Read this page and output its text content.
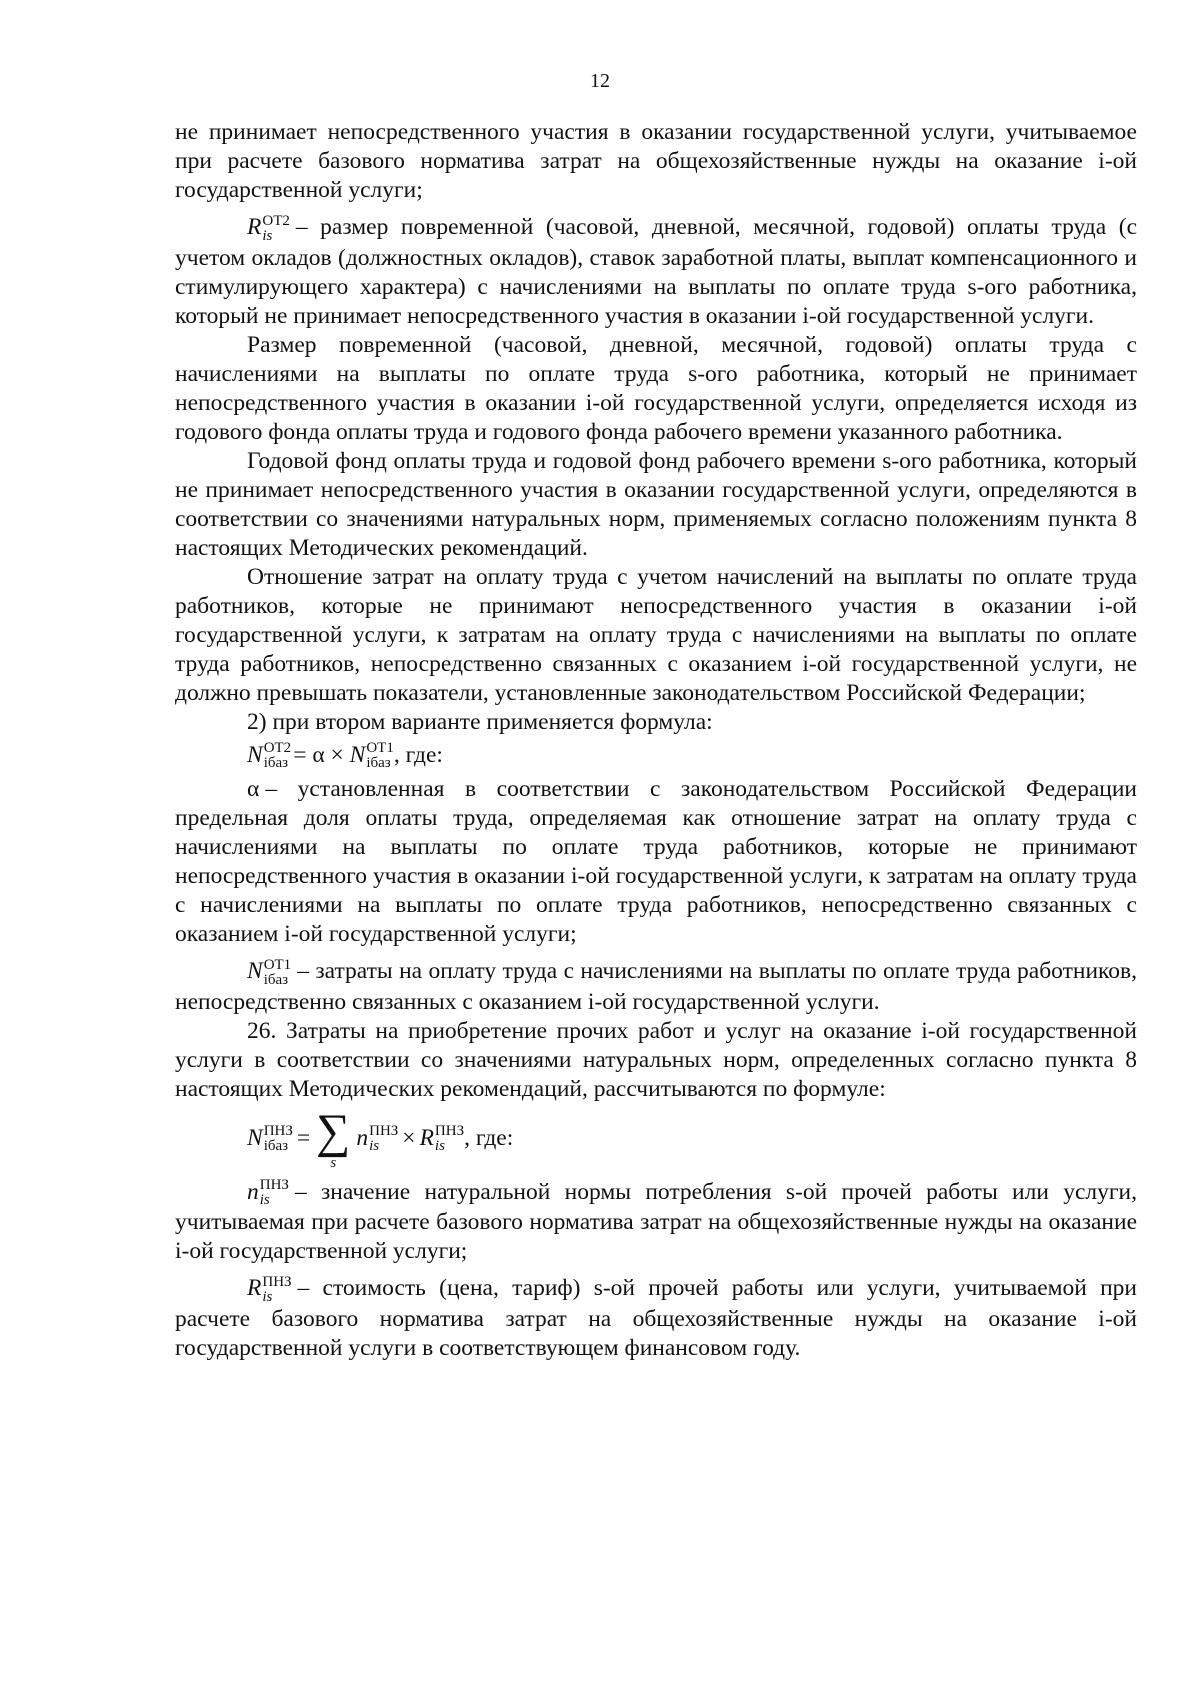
12

не принимает непосредственного участия в оказании государственной услуги, учитываемое при расчете базового норматива затрат на общехозяйственные нужды на оказание i-ой государственной услуги;

R ОТ2
is – размер повременной (часовой, дневной, месячной, годовой) оплаты труда (с учетом окладов (должностных окладов), ставок заработной платы, выплат компенсационного и стимулирующего характера) с начислениями на выплаты по оплате труда s-ого работника, который не принимает непосредственного участия в оказании i-ой государственной услуги.

Размер повременной (часовой, дневной, месячной, годовой) оплаты труда с начислениями на выплаты по оплате труда s-ого работника, который не принимает непосредственного участия в оказании i-ой государственной услуги, определяется исходя из годового фонда оплаты труда и годового фонда рабочего времени указанного работника.

Годовой фонд оплаты труда и годовой фонд рабочего времени s-ого работника, который не принимает непосредственного участия в оказании государственной услуги, определяются в соответствии со значениями натуральных норм, применяемых согласно положениям пункта 8 настоящих Методических рекомендаций.

Отношение затрат на оплату труда с учетом начислений на выплаты по оплате труда работников, которые не принимают непосредственного участия в оказании i-ой государственной услуги, к затратам на оплату труда с начислениями на выплаты по оплате труда работников, непосредственно связанных с оказанием i-ой государственной услуги, не должно превышать показатели, установленные законодательством Российской Федерации;

2) при втором варианте применяется формула:

N ОТ2
iбаз = α × N ОТ1
iбаз , где:

α – установленная в соответствии с законодательством Российской Федерации предельная доля оплаты труда, определяемая как отношение затрат на оплату труда с начислениями на выплаты по оплате труда работников, которые не принимают непосредственного участия в оказании i-ой государственной услуги, к затратам на оплату труда с начислениями на выплаты по оплате труда работников, непосредственно связанных с оказанием i-ой государственной услуги;

N ОТ1
iбаз – затраты на оплату труда с начислениями на выплаты по оплате труда работников, непосредственно связанных с оказанием i-ой государственной услуги.

26. Затраты на приобретение прочих работ и услуг на оказание i-ой государственной услуги в соответствии со значениями натуральных норм, определенных согласно пункта 8 настоящих Методических рекомендаций, рассчитываются по формуле:

N ПНЗ
iбаз = ∑
s
n ПНЗ
is × R ПНЗ
is , где:

n ПНЗ
is	– значение натуральной нормы потребления s-ой прочей работы или услуги, учитываемая при расчете базового норматива затрат на общехозяйственные нужды на оказание i-ой государственной услуги;

R ПНЗ
is	– стоимость (цена, тариф) s-ой прочей работы или услуги, учитываемой при расчете базового норматива затрат на общехозяйственные нужды на оказание i-ой государственной услуги в соответствующем финансовом году.
